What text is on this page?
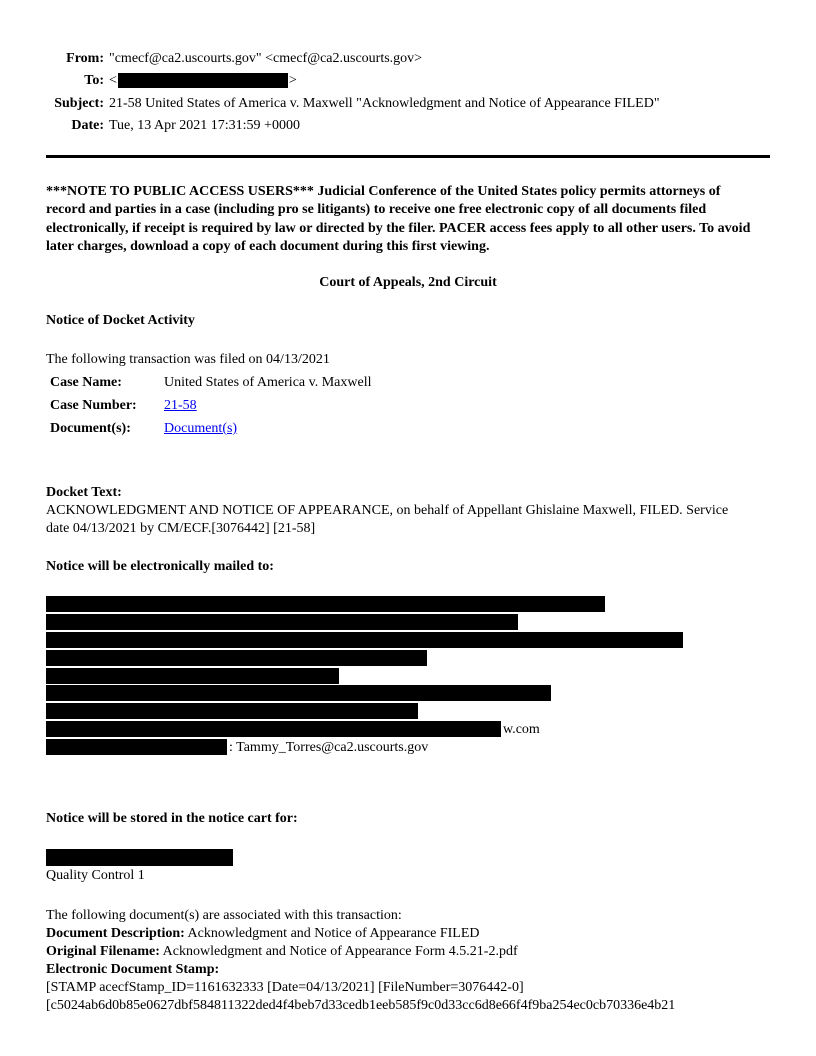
From: "cmecf@ca2.uscourts.gov" <cmecf@ca2.uscourts.gov>
To: <	>
Subject: 21-58 United States of America v. Maxwell "Acknowledgment and Notice of Appearance FILED"
Date: Tue, 13 Apr 2021 17:31:59 +0000
***NOTE TO PUBLIC ACCESS USERS*** Judicial Conference of the United States policy permits attorneys of record and parties in a case (including pro se litigants) to receive one free electronic copy of all documents filed electronically, if receipt is required by law or directed by the filer. PACER access fees apply to all other users. To avoid later charges, download a copy of each document during this first viewing.
Court of Appeals, 2nd Circuit
Notice of Docket Activity
The following transaction was filed on 04/13/2021
Case Name:	United States of America v. Maxwell
Case Number:	21-58
Document(s):	Document(s)
Docket Text:
ACKNOWLEDGMENT AND NOTICE OF APPEARANCE, on behalf of Appellant Ghislaine Maxwell, FILED. Service date 04/13/2021 by CM/ECF.[3076442] [21-58]
Notice will be electronically mailed to:
w.com
: Tammy_Torres@ca2.uscourts.gov
Notice will be stored in the notice cart for:
Quality Control 1
The following document(s) are associated with this transaction:
Document Description: Acknowledgment and Notice of Appearance FILED
Original Filename: Acknowledgment and Notice of Appearance Form 4.5.21-2.pdf
Electronic Document Stamp:
[STAMP acecfStamp_ID=1161632333 [Date=04/13/2021] [FileNumber=3076442-0]
[c5024ab6d0b85e0627dbf584811322ded4f4beb7d33cedb1eeb585f9c0d33cc6d8e66f4f9ba254ec0cb70336e4b21
